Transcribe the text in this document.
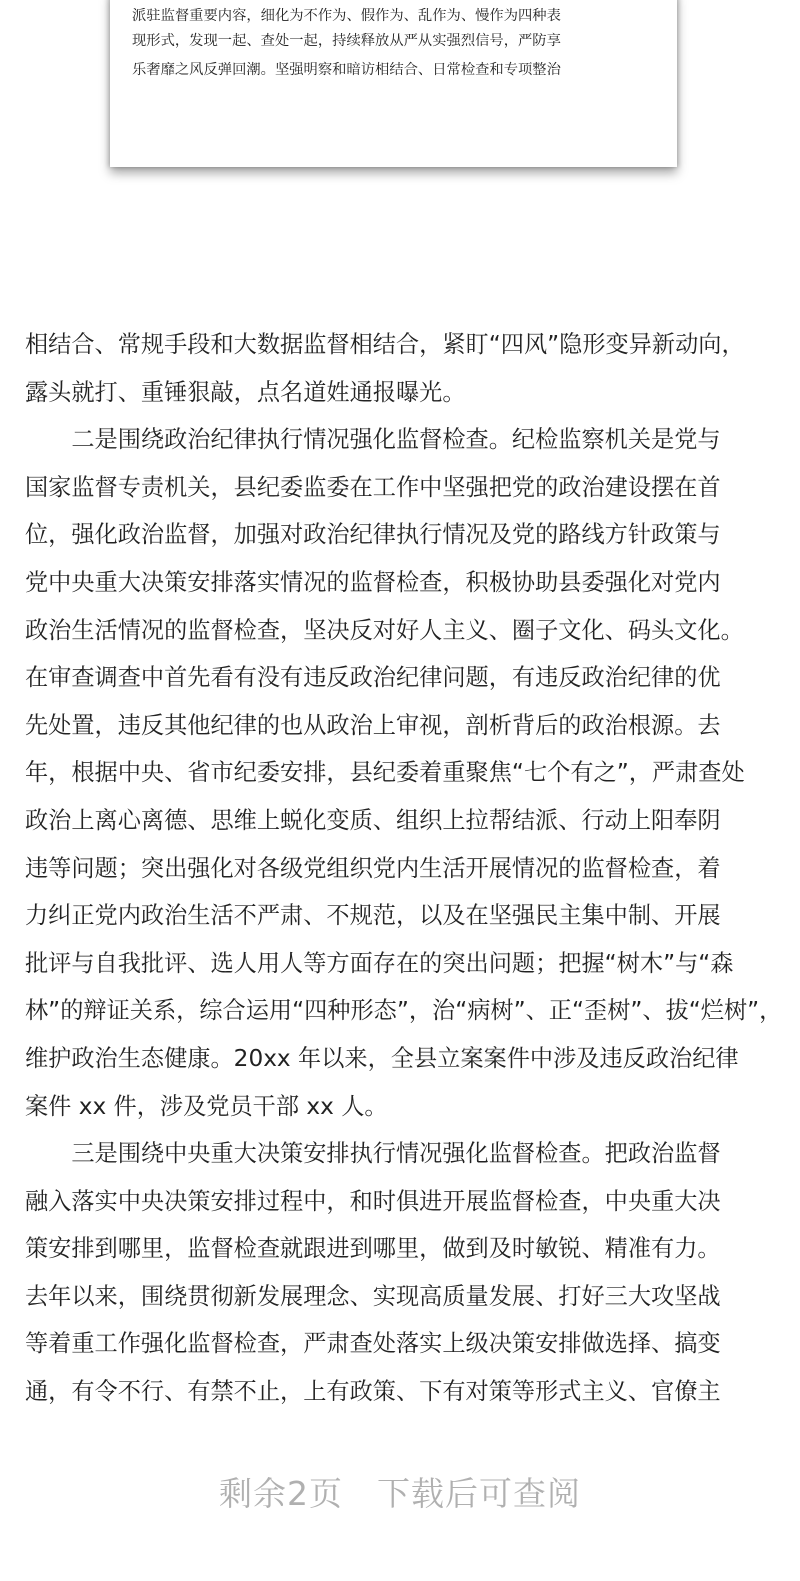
派驻监督重要内容，细化为不作为、假作为、乱作为、慢作为四种表
现形式，发现一起、查处一起，持续释放从严从实强烈信号，严防享
乐奢靡之风反弹回潮。坚强明察和暗访相结合、日常检查和专项整治
相结合、常规手段和大数据监督相结合，紧盯“四风”隐形变异新动向，
露头就打、重锤狠敲，点名道姓通报曝光。
　　二是围绕政治纪律执行情况强化监督检查。纪检监察机关是党与
国家监督专责机关，县纪委监委在工作中坚强把党的政治建设摆在首
位，强化政治监督，加强对政治纪律执行情况及党的路线方针政策与
党中央重大决策安排落实情况的监督检查，积极协助县委强化对党内
政治生活情况的监督检查，坚决反对好人主义、圈子文化、码头文化。
在审查调查中首先看有没有违反政治纪律问题，有违反政治纪律的优
先处置，违反其他纪律的也从政治上审视，剖析背后的政治根源。去
年，根据中央、省市纪委安排，县纪委着重聚焦“七个有之”，严肃查处
政治上离心离德、思维上蜕化变质、组织上拉帮结派、行动上阳奉阴
违等问题；突出强化对各级党组织党内生活开展情况的监督检查，着
力纠正党内政治生活不严肃、不规范，以及在坚强民主集中制、开展
批评与自我批评、选人用人等方面存在的突出问题；把握“树木”与“森
林”的辩证关系，综合运用“四种形态”，治“病树”、正“歪树”、拔“烂树”，
维护政治生态健康。20xx 年以来，全县立案案件中涉及违反政治纪律
案件 xx 件，涉及党员干部 xx 人。
　　三是围绕中央重大决策安排执行情况强化监督检查。把政治监督
融入落实中央决策安排过程中，和时俱进开展监督检查，中央重大决
策安排到哪里，监督检查就跟进到哪里，做到及时敏锐、精准有力。
去年以来，围绕贯彻新发展理念、实现高质量发展、打好三大攻坚战
等着重工作强化监督检查，严肃查处落实上级决策安排做选择、搞变
通，有令不行、有禁不止，上有政策、下有对策等形式主义、官僚主
剩余2页　下载后可查阅
